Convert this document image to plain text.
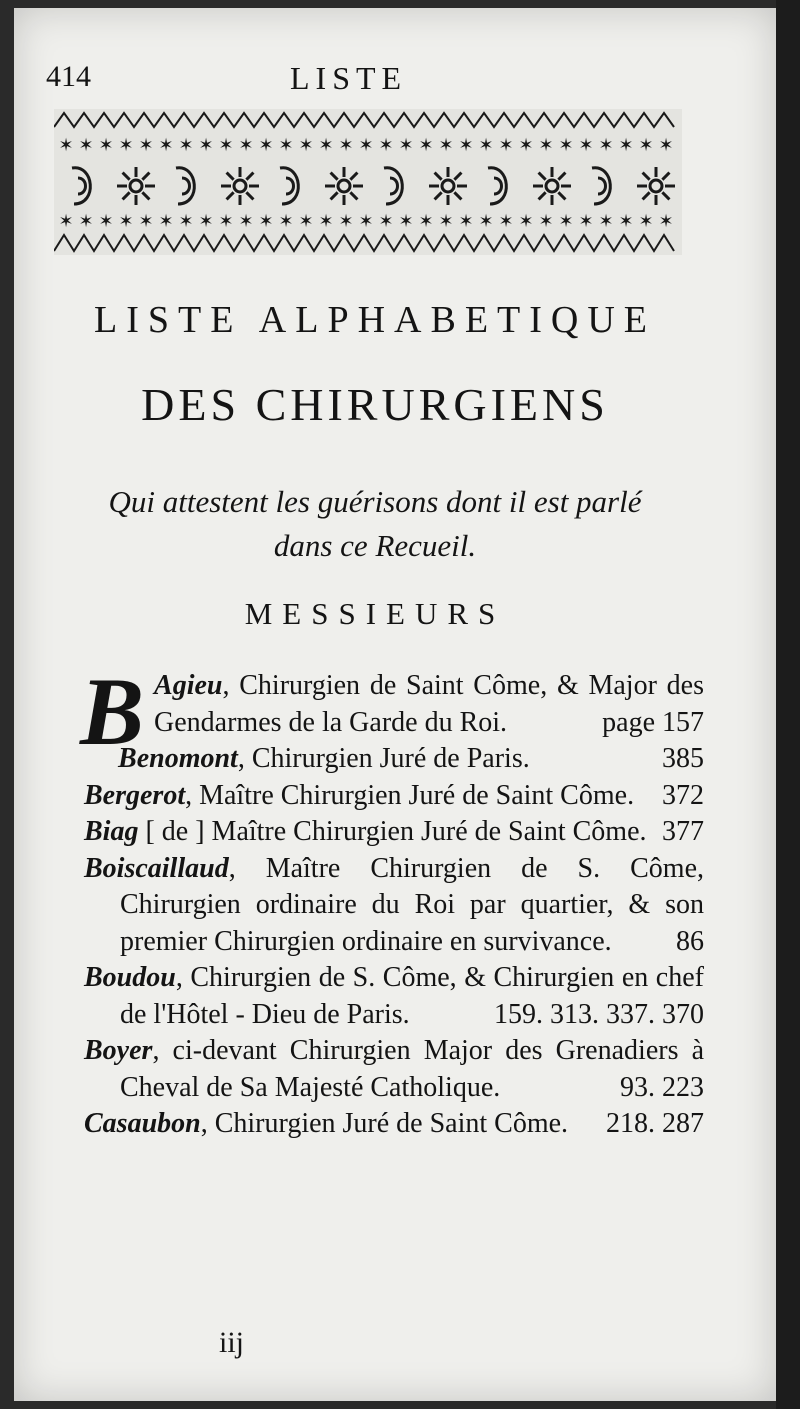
414	LISTE
✶ ✶ ✶ ✶ ✶ ✶ ✶ ✶ ✶ ✶ ✶ ✶ ✶ ✶ ✶ ✶ ✶ ✶ ✶ ✶ ✶ ✶ ✶ ✶ ✶ ✶ ✶ ✶ ✶ ✶ ✶
✶ ✶ ✶ ✶ ✶ ✶ ✶ ✶ ✶ ✶ ✶ ✶ ✶ ✶ ✶ ✶ ✶ ✶ ✶ ✶ ✶ ✶ ✶ ✶ ✶ ✶ ✶ ✶ ✶ ✶ ✶
LISTE ALPHABETIQUE
DES CHIRURGIENS
Qui attestent les guérisons dont il est parlé
dans ce Recueil.
MESSIEURS
B Agieu, Chirurgien de Saint Côme, & Major des Gendarmes de la Garde du Roi.	page 157
Benomont, Chirurgien Juré de Paris.	385
Bergerot, Maître Chirurgien Juré de Saint Côme. 372
Biag [ de ] Maître Chirurgien Juré de Saint Côme. 377
Boiscaillaud, Maître Chirurgien de S. Côme, Chirurgien ordinaire du Roi par quartier, & son premier Chirurgien ordinaire en survivance.	86
Boudou, Chirurgien de S. Côme, & Chirurgien en chef de l'Hôtel - Dieu de Paris.	159. 313. 337. 370
Boyer, ci-devant Chirurgien Major des Grenadiers à Cheval de Sa Majesté Catholique.	93. 223
Casaubon, Chirurgien Juré de Saint Côme.	218. 287
iij
